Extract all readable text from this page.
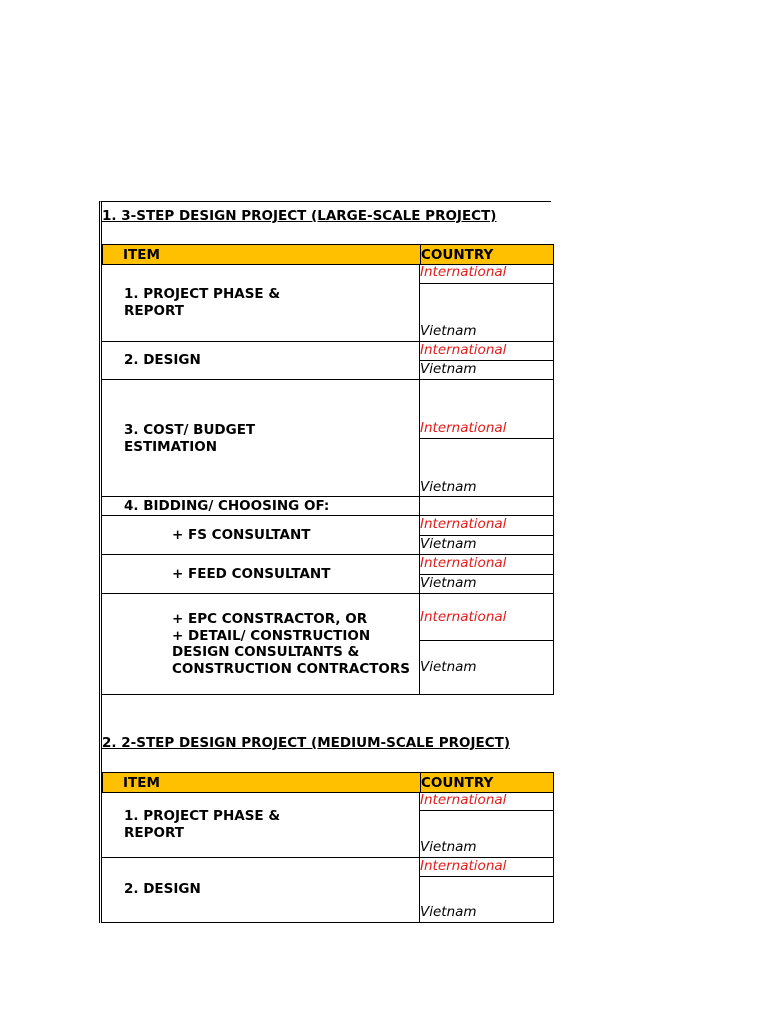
1. 3-STEP DESIGN PROJECT (LARGE-SCALE PROJECT)
ITEM	COUNTRY
1. PROJECT PHASE &
REPORT
International
Vietnam
2. DESIGN
International
Vietnam
3. COST/ BUDGET
ESTIMATION
International
Vietnam
4. BIDDING/ CHOOSING OF:
+ FS CONSULTANT
International
Vietnam
+ FEED CONSULTANT
International
Vietnam
+ EPC CONSTRACTOR, OR
+ DETAIL/ CONSTRUCTION
DESIGN CONSULTANTS &
CONSTRUCTION CONTRACTORS
International
Vietnam
2. 2-STEP DESIGN PROJECT (MEDIUM-SCALE PROJECT)
ITEM	COUNTRY
1. PROJECT PHASE &
REPORT
International
Vietnam
2. DESIGN
International
Vietnam
